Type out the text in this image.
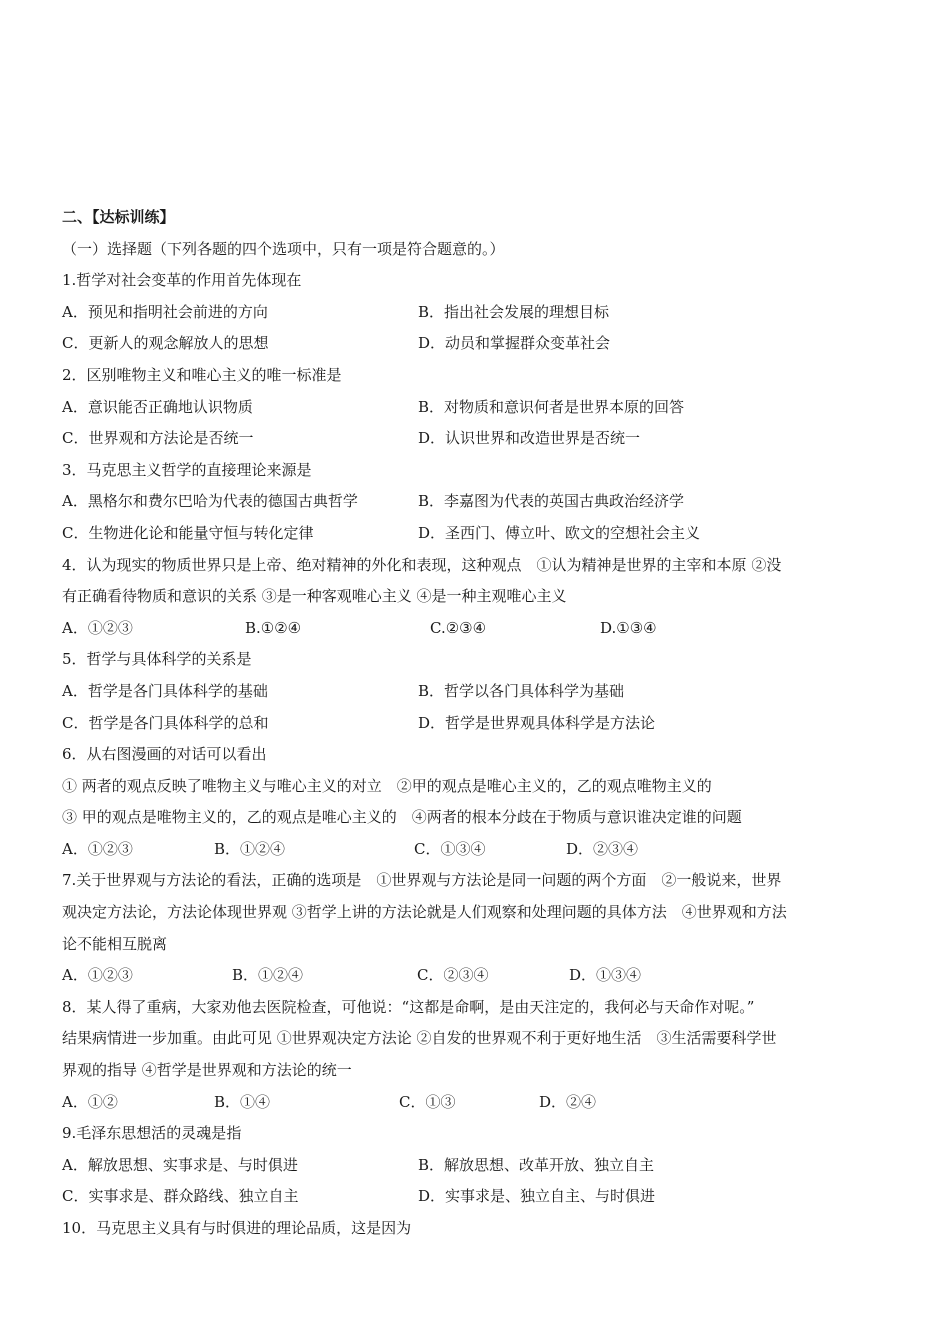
二、【达标训练】
（一）选择题（下列各题的四个选项中，只有一项是符合题意的。）
1.哲学对社会变革的作用首先体现在
A．预见和指明社会前进的方向	B．指出社会发展的理想目标
C．更新人的观念解放人的思想	D．动员和掌握群众变革社会
2．区别唯物主义和唯心主义的唯一标准是
A．意识能否正确地认识物质	B．对物质和意识何者是世界本原的回答
C．世界观和方法论是否统一	D．认识世界和改造世界是否统一
3．马克思主义哲学的直接理论来源是
A．黑格尔和费尔巴哈为代表的德国古典哲学	B．李嘉图为代表的英国古典政治经济学
C．生物进化论和能量守恒与转化定律	D．圣西门、傅立叶、欧文的空想社会主义
4．认为现实的物质世界只是上帝、绝对精神的外化和表现，这种观点　①认为精神是世界的主宰和本原 ②没
有正确看待物质和意识的关系 ③是一种客观唯心主义 ④是一种主观唯心主义
A．①②③	B.①②④	C.②③④	D.①③④
5．哲学与具体科学的关系是
A．哲学是各门具体科学的基础	B．哲学以各门具体科学为基础
C．哲学是各门具体科学的总和	D．哲学是世界观具体科学是方法论
6．从右图漫画的对话可以看出
① 两者的观点反映了唯物主义与唯心主义的对立　②甲的观点是唯心主义的，乙的观点唯物主义的
③ 甲的观点是唯物主义的，乙的观点是唯心主义的　④两者的根本分歧在于物质与意识谁决定谁的问题
A．①②③	B．①②④	C．①③④	D．②③④
7.关于世界观与方法论的看法，正确的选项是　①世界观与方法论是同一问题的两个方面　②一般说来，世界
观决定方法论，方法论体现世界观 ③哲学上讲的方法论就是人们观察和处理问题的具体方法　④世界观和方法
论不能相互脱离
A．①②③	B．①②④	C．②③④	D．①③④
8．某人得了重病，大家劝他去医院检查，可他说：“这都是命啊，是由天注定的，我何必与天命作对呢。”
结果病情进一步加重。由此可见 ①世界观决定方法论 ②自发的世界观不利于更好地生活　③生活需要科学世
界观的指导 ④哲学是世界观和方法论的统一
A．①②	B．①④	C．①③	D．②④
9.毛泽东思想活的灵魂是指
A．解放思想、实事求是、与时俱进	B．解放思想、改革开放、独立自主
C．实事求是、群众路线、独立自主	D．实事求是、独立自主、与时俱进
10．马克思主义具有与时俱进的理论品质，这是因为
